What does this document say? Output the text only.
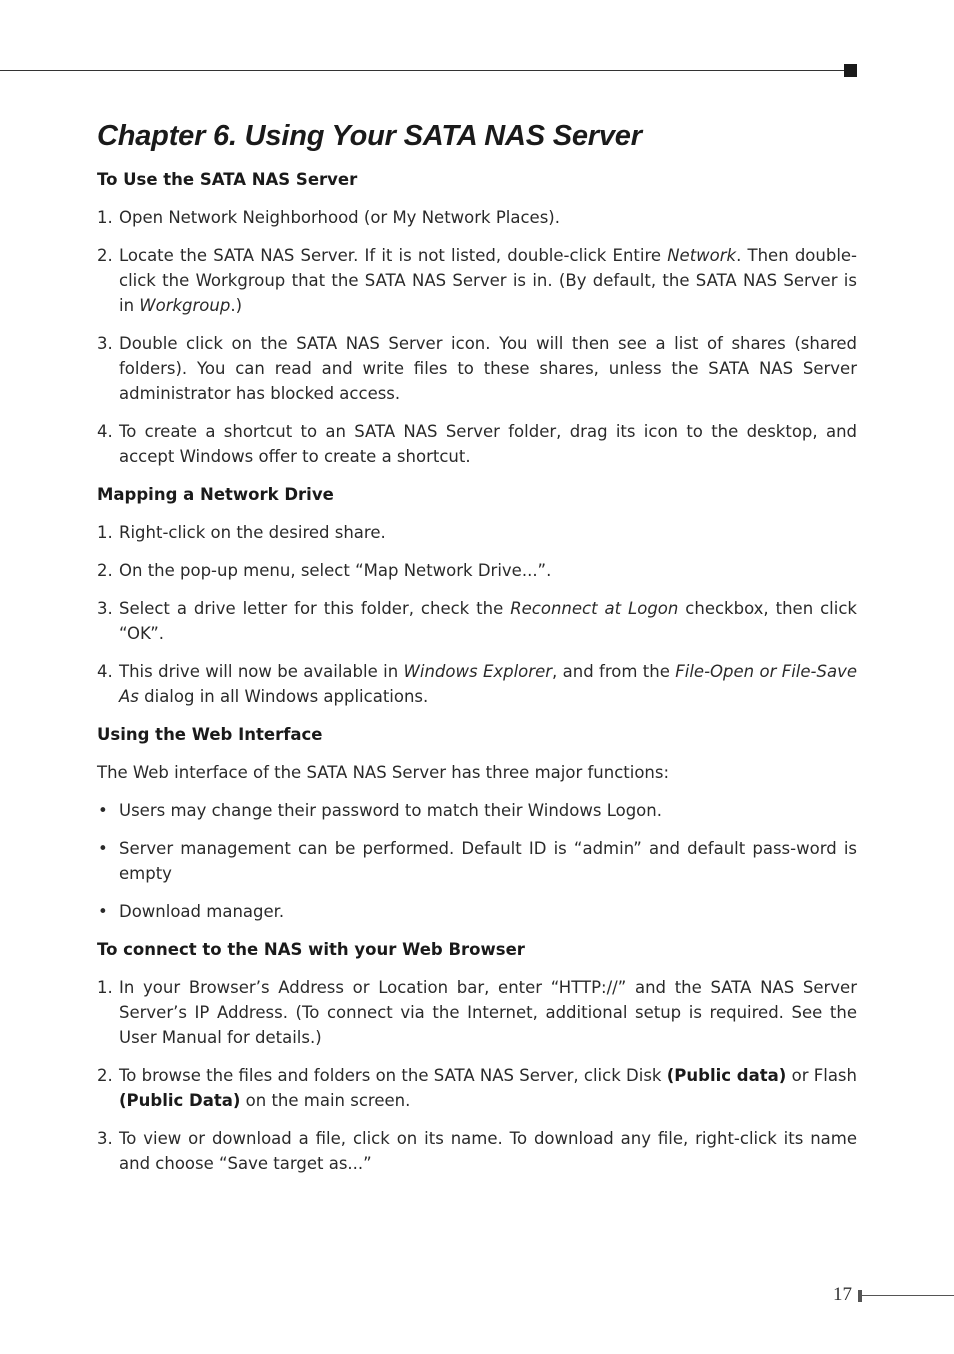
Chapter 6. Using Your SATA NAS Server
To Use the SATA NAS Server
1. Open Network Neighborhood (or My Network Places).
2. Locate the SATA NAS Server. If it is not listed, double-click Entire Network. Then double-click the Workgroup that the SATA NAS Server is in. (By default, the SATA NAS Server is in Workgroup.)
3. Double click on the SATA NAS Server icon. You will then see a list of shares (shared folders). You can read and write files to these shares, unless the SATA NAS Server administrator has blocked access.
4. To create a shortcut to an SATA NAS Server folder, drag its icon to the desktop, and accept Windows offer to create a shortcut.
Mapping a Network Drive
1. Right-click on the desired share.
2. On the pop-up menu, select “Map Network Drive...”.
3. Select a drive letter for this folder, check the Reconnect at Logon checkbox, then click “OK”.
4. This drive will now be available in Windows Explorer, and from the File-Open or File-Save As dialog in all Windows applications.
Using the Web Interface

The Web interface of the SATA NAS Server has three major functions:

• Users may change their password to match their Windows Logon.
• Server management can be performed. Default ID is “admin” and default pass-word is empty
• Download manager.
To connect to the NAS with your Web Browser
1. In your Browser’s Address or Location bar, enter “HTTP://” and the SATA NAS Server Server’s IP Address. (To connect via the Internet, additional setup is required. See the User Manual for details.)
2. To browse the files and folders on the SATA NAS Server, click Disk (Public data) or Flash (Public Data) on the main screen.
3. To view or download a file, click on its name. To download any file, right-click its name and choose “Save target as...”
17
